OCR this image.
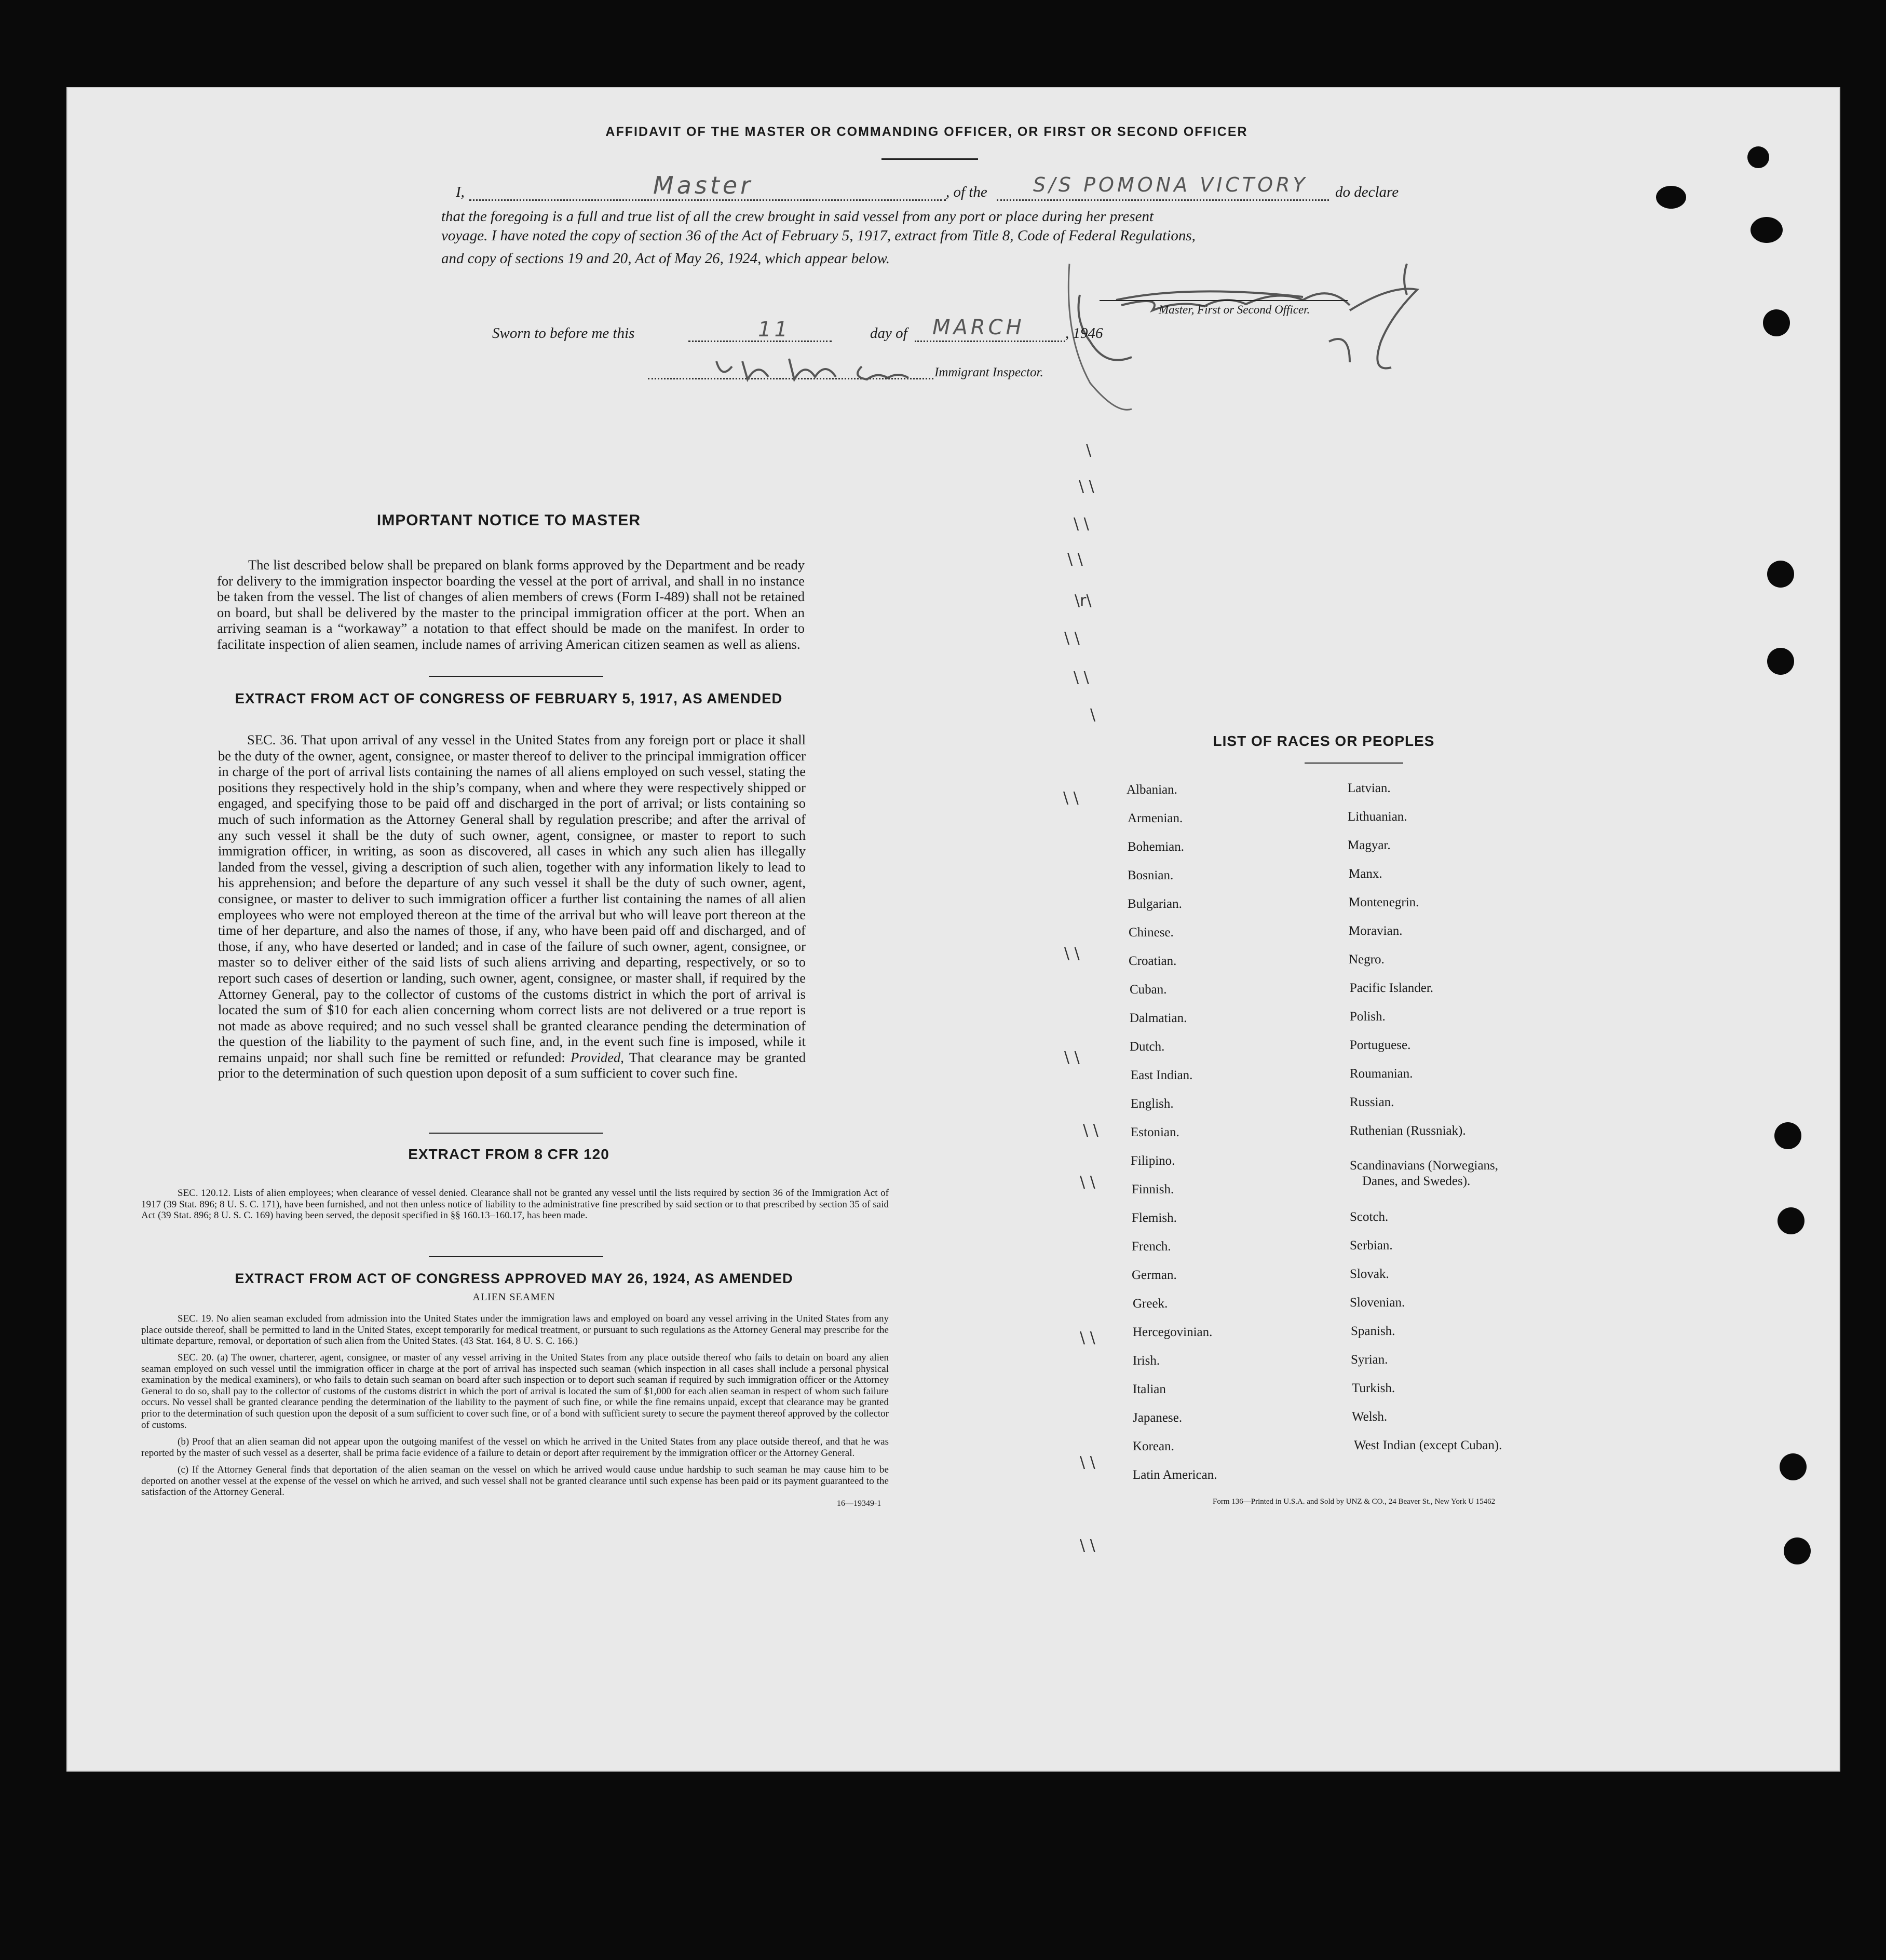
AFFIDAVIT OF THE MASTER OR COMMANDING OFFICER, OR FIRST OR SECOND OFFICER
I,	Master	, of the S/S POMONA VICTORY do declare
that the foregoing is a full and true list of all the crew brought in said vessel from any port or place during her present
voyage. I have noted the copy of section 36 of the Act of February 5, 1917, extract from Title 8, Code of Federal Regulations,
and copy of sections 19 and 20, Act of May 26, 1924, which appear below.
Master, First or Second Officer.
Sworn to before me this	11	day of MARCH	, 1946
Immigrant Inspector.
IMPORTANT NOTICE TO MASTER
The list described below shall be prepared on blank forms approved by the Department and be ready for delivery to the immigration inspector boarding the vessel at the port of arrival, and shall in no instance be taken from the vessel. The list of changes of alien members of crews (Form I-489) shall not be retained on board, but shall be delivered by the master to the principal immigration officer at the port. When an arriving seaman is a “workaway” a notation to that effect should be made on the manifest. In order to facilitate inspection of alien seamen, include names of arriving American citizen seamen as well as aliens.
EXTRACT FROM ACT OF CONGRESS OF FEBRUARY 5, 1917, AS AMENDED
SEC. 36. That upon arrival of any vessel in the United States from any foreign port or place it shall be the duty of the owner, agent, consignee, or master thereof to deliver to the principal immigration officer in charge of the port of arrival lists containing the names of all aliens employed on such vessel, stating the positions they respectively hold in the ship’s company, when and where they were respectively shipped or engaged, and specifying those to be paid off and discharged in the port of arrival; or lists containing so much of such information as the Attorney General shall by regulation prescribe; and after the arrival of any such vessel it shall be the duty of such owner, agent, consignee, or master to report to such immigration officer, in writing, as soon as discovered, all cases in which any such alien has illegally landed from the vessel, giving a description of such alien, together with any information likely to lead to his apprehension; and before the departure of any such vessel it shall be the duty of such owner, agent, consignee, or master to deliver to such immigration officer a further list containing the names of all alien employees who were not employed thereon at the time of the arrival but who will leave port thereon at the time of her departure, and also the names of those, if any, who have been paid off and discharged, and of those, if any, who have deserted or landed; and in case of the failure of such owner, agent, consignee, or master so to deliver either of the said lists of such aliens arriving and departing, respectively, or so to report such cases of desertion or landing, such owner, agent, consignee, or master shall, if required by the Attorney General, pay to the collector of customs of the customs district in which the port of arrival is located the sum of $10 for each alien concerning whom correct lists are not delivered or a true report is not made as above required; and no such vessel shall be granted clearance pending the determination of the question of the liability to the payment of such fine, and, in the event such fine is imposed, while it remains unpaid; nor shall such fine be remitted or refunded: Provided, That clearance may be granted prior to the determination of such question upon deposit of a sum sufficient to cover such fine.
EXTRACT FROM 8 CFR 120
SEC. 120.12. Lists of alien employees; when clearance of vessel denied. Clearance shall not be granted any vessel until the lists required by section 36 of the Immigration Act of 1917 (39 Stat. 896; 8 U. S. C. 171), have been furnished, and not then unless notice of liability to the administrative fine prescribed by said section or to that prescribed by section 35 of said Act (39 Stat. 896; 8 U. S. C. 169) having been served, the deposit specified in §§ 160.13–160.17, has been made.
EXTRACT FROM ACT OF CONGRESS APPROVED MAY 26, 1924, AS AMENDED
ALIEN SEAMEN
SEC. 19. No alien seaman excluded from admission into the United States under the immigration laws and employed on board any vessel arriving in the United States from any place outside thereof, shall be permitted to land in the United States, except temporarily for medical treatment, or pursuant to such regulations as the Attorney General may prescribe for the ultimate departure, removal, or deportation of such alien from the United States. (43 Stat. 164, 8 U. S. C. 166.)
SEC. 20. (a) The owner, charterer, agent, consignee, or master of any vessel arriving in the United States from any place outside thereof who fails to detain on board any alien seaman employed on such vessel until the immigration officer in charge at the port of arrival has inspected such seaman (which inspection in all cases shall include a personal physical examination by the medical examiners), or who fails to detain such seaman on board after such inspection or to deport such seaman if required by such immigration officer or the Attorney General to do so, shall pay to the collector of customs of the customs district in which the port of arrival is located the sum of $1,000 for each alien seaman in respect of whom such failure occurs. No vessel shall be granted clearance pending the determination of the liability to the payment of such fine, or while the fine remains unpaid, except that clearance may be granted prior to the determination of such question upon the deposit of a sum sufficient to cover such fine, or of a bond with sufficient surety to secure the payment thereof approved by the collector of customs.
(b) Proof that an alien seaman did not appear upon the outgoing manifest of the vessel on which he arrived in the United States from any place outside thereof, and that he was reported by the master of such vessel as a deserter, shall be prima facie evidence of a failure to detain or deport after requirement by the immigration officer or the Attorney General.
(c) If the Attorney General finds that deportation of the alien seaman on the vessel on which he arrived would cause undue hardship to such seaman he may cause him to be deported on another vessel at the expense of the vessel on which he arrived, and such vessel shall not be granted clearance until such expense has been paid or its payment guaranteed to the satisfaction of the Attorney General.
16—19349-1
LIST OF RACES OR PEOPLES
Albanian.
Armenian.
Bohemian.
Bosnian.
Bulgarian.
Chinese.
Croatian.
Cuban.
Dalmatian.
Dutch.
East Indian.
English.
Estonian.
Filipino.
Finnish.
Flemish.
French.
German.
Greek.
Hercegovinian.
Irish.
Italian
Japanese.
Korean.
Latin American.
Latvian.
Lithuanian.
Magyar.
Manx.
Montenegrin.
Moravian.
Negro.
Pacific Islander.
Polish.
Portuguese.
Roumanian.
Russian.
Ruthenian (Russniak).
Scandinavians (Norwegians,
Danes, and Swedes).
Scotch.
Serbian.
Slovak.
Slovenian.
Spanish.
Syrian.
Turkish.
Welsh.
West Indian (except Cuban).
Form 136—Printed in U.S.A. and Sold by UNZ & CO., 24 Beaver St., New York U 15462
\
\ \
\ \
\ \
\r\
\ \
\ \
\
\ \
\ \
\ \
\ \
\ \
\ \
\ \
\ \
